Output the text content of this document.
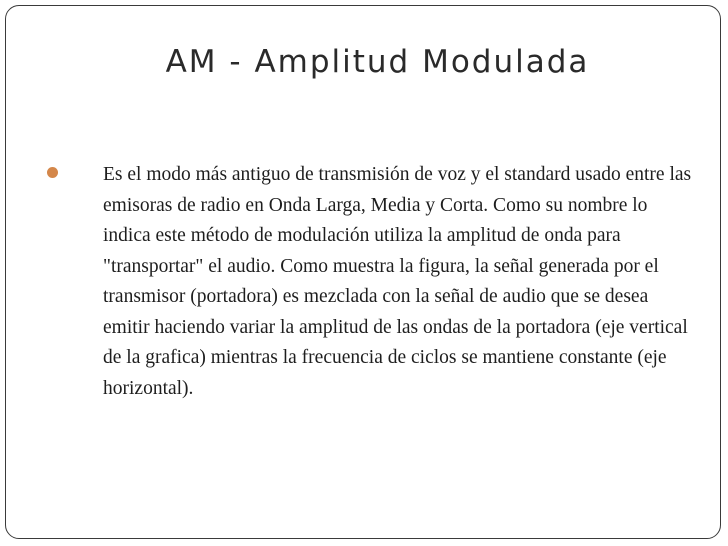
AM - Amplitud Modulada

Es el modo más antiguo de transmisión de voz y el standard usado entre las emisoras de radio en Onda Larga, Media y Corta. Como su nombre lo indica este método de modulación utiliza la amplitud de onda para "transportar" el audio. Como muestra la figura, la señal generada por el transmisor (portadora) es mezclada con la señal de audio que se desea emitir haciendo variar la amplitud de las ondas de la portadora (eje vertical de la grafica) mientras la frecuencia de ciclos se mantiene constante (eje horizontal).
